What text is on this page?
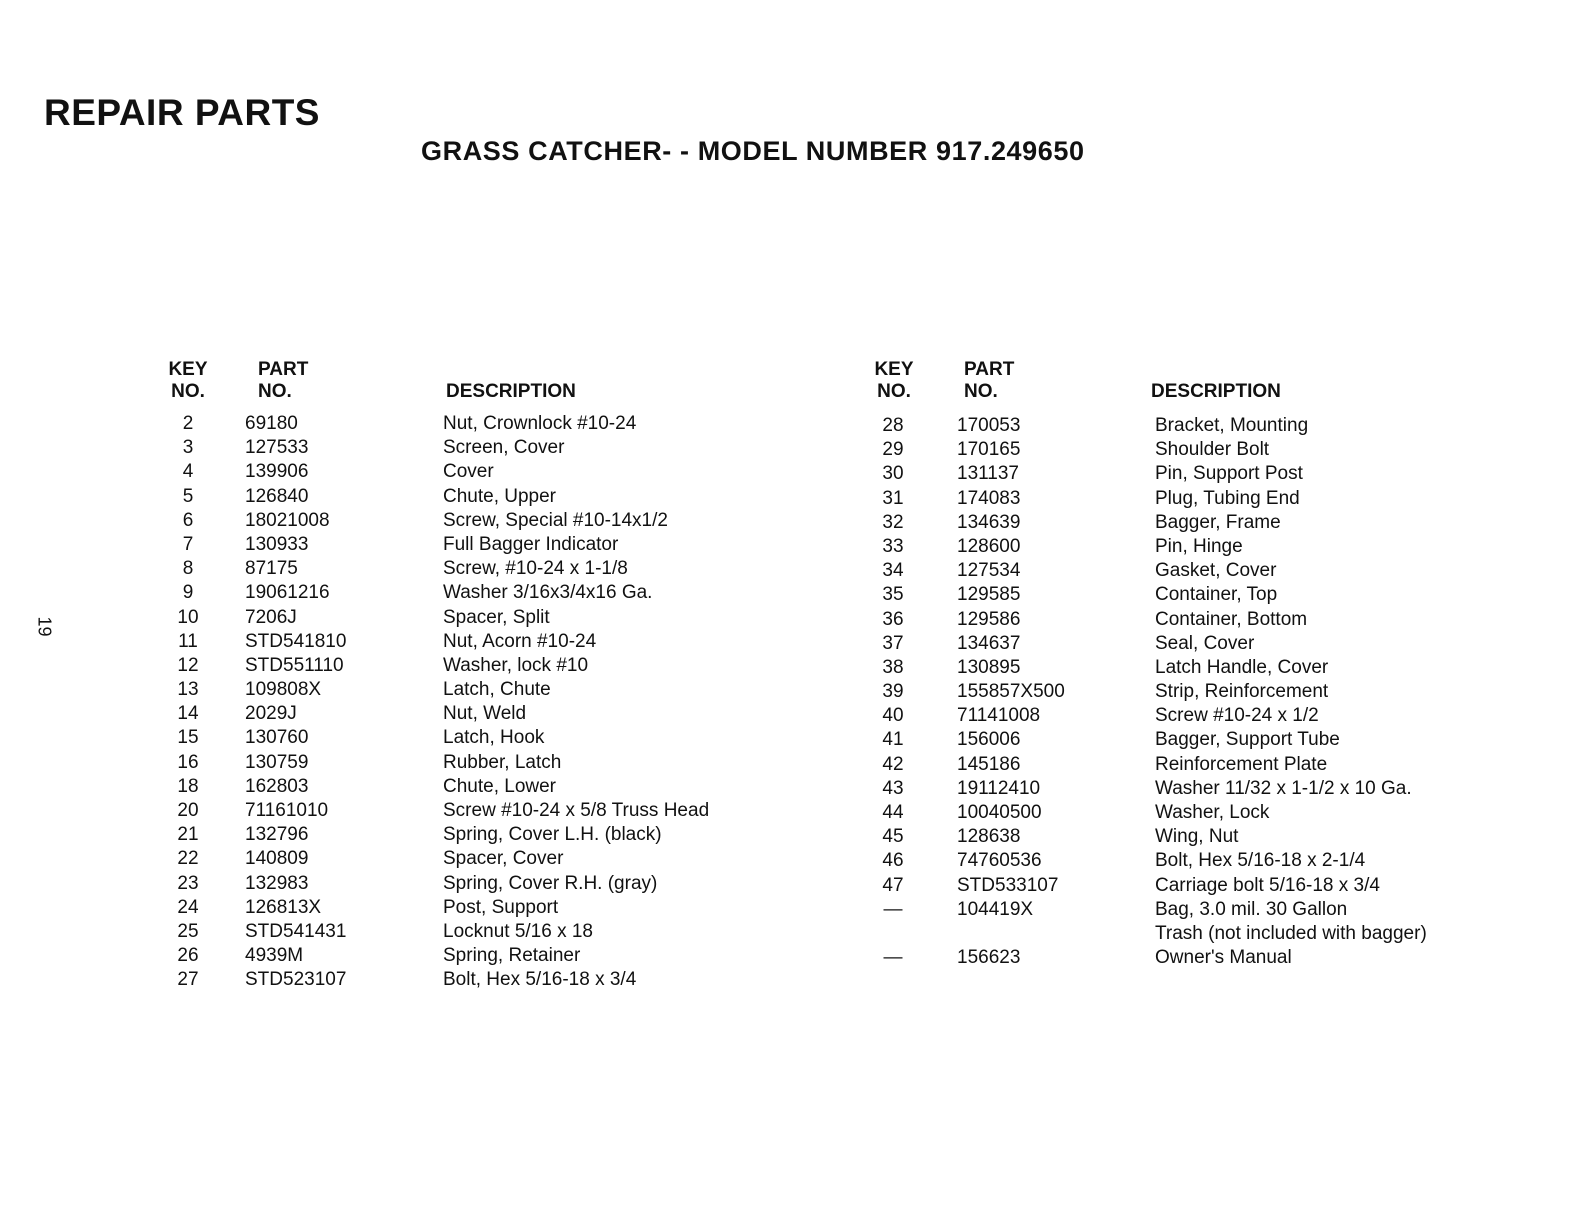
REPAIR PARTS
GRASS CATCHER- - MODEL NUMBER 917.249650
19
KEY
NO.
PART
NO.	DESCRIPTION
KEY
NO.
PART
NO.	DESCRIPTION
2	69180	Nut, Crownlock #10-24
3	127533	Screen, Cover
4	139906	Cover
5	126840	Chute, Upper
6	18021008	Screw, Special #10-14x1/2
7	130933	Full Bagger Indicator
8	87175	Screw, #10-24 x 1-1/8
9	19061216	Washer 3/16x3/4x16 Ga.
10	7206J	Spacer, Split
11	STD541810	Nut, Acorn #10-24
12	STD551110	Washer, lock #10
13	109808X	Latch, Chute
14	2029J	Nut, Weld
15	130760	Latch, Hook
16	130759	Rubber, Latch
18	162803	Chute, Lower
20	71161010	Screw #10-24 x 5/8 Truss Head
21	132796	Spring, Cover L.H. (black)
22	140809	Spacer, Cover
23	132983	Spring, Cover R.H. (gray)
24	126813X	Post, Support
25	STD541431	Locknut 5/16 x 18
26	4939M	Spring, Retainer
27	STD523107	Bolt, Hex 5/16-18 x 3/4
28	170053	Bracket, Mounting
29	170165	Shoulder Bolt
30	131137	Pin, Support Post
31	174083	Plug, Tubing End
32	134639	Bagger, Frame
33	128600	Pin, Hinge
34	127534	Gasket, Cover
35	129585	Container, Top
36	129586	Container, Bottom
37	134637	Seal, Cover
38	130895	Latch Handle, Cover
39	155857X500	Strip, Reinforcement
40	71141008	Screw #10-24 x 1/2
41	156006	Bagger, Support Tube
42	145186	Reinforcement Plate
43	19112410	Washer 11/32 x 1-1/2 x 10 Ga.
44	10040500	Washer, Lock
45	128638	Wing, Nut
46	74760536	Bolt, Hex 5/16-18 x 2-1/4
47	STD533107	Carriage bolt 5/16-18 x 3/4
—	104419X	Bag, 3.0 mil. 30 Gallon
Trash (not included with bagger)
—	156623	Owner's Manual
